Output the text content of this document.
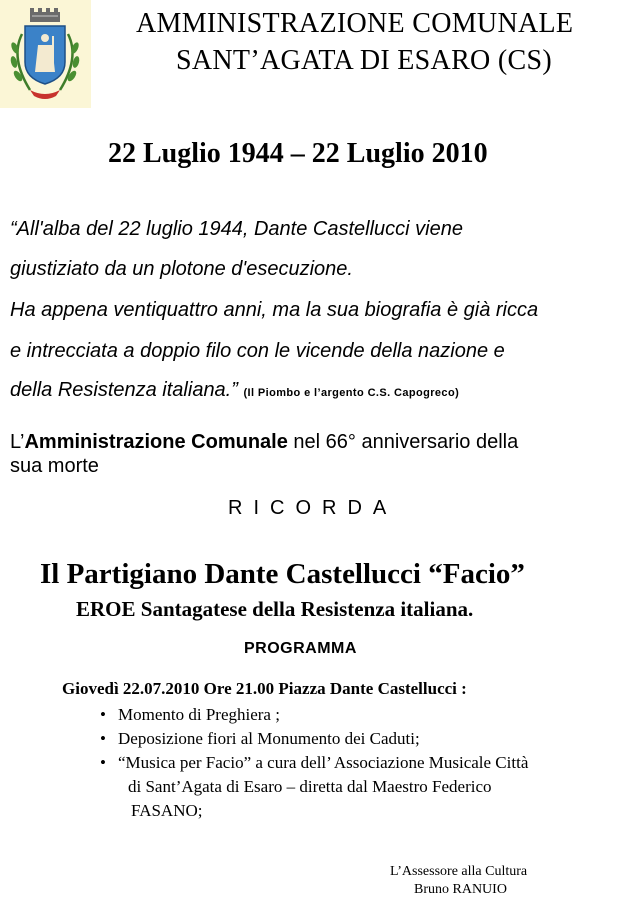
AMMINISTRAZIONE COMUNALE
SANT’AGATA DI ESARO (CS)
22 Luglio 1944 – 22 Luglio 2010
“All'alba del 22 luglio 1944, Dante Castellucci viene
giustiziato da un plotone d'esecuzione.
Ha appena ventiquattro anni, ma la sua biografia è già ricca
e intrecciata a doppio filo con le vicende della nazione e
della Resistenza italiana.” (Il Piombo e l’argento C.S. Capogreco)
L’Amministrazione Comunale nel 66° anniversario della
sua morte
RICORDA
Il Partigiano Dante Castellucci “Facio”
EROE Santagatese della Resistenza italiana.
PROGRAMMA
Giovedì 22.07.2010 Ore 21.00 Piazza Dante Castellucci :
• Momento di Preghiera ;
• Deposizione fiori al Monumento dei Caduti;
• “Musica per Facio” a cura dell’ Associazione Musicale Città
di Sant’Agata di Esaro – diretta dal Maestro Federico
FASANO;
L’Assessore alla Cultura
Bruno RANUIO
